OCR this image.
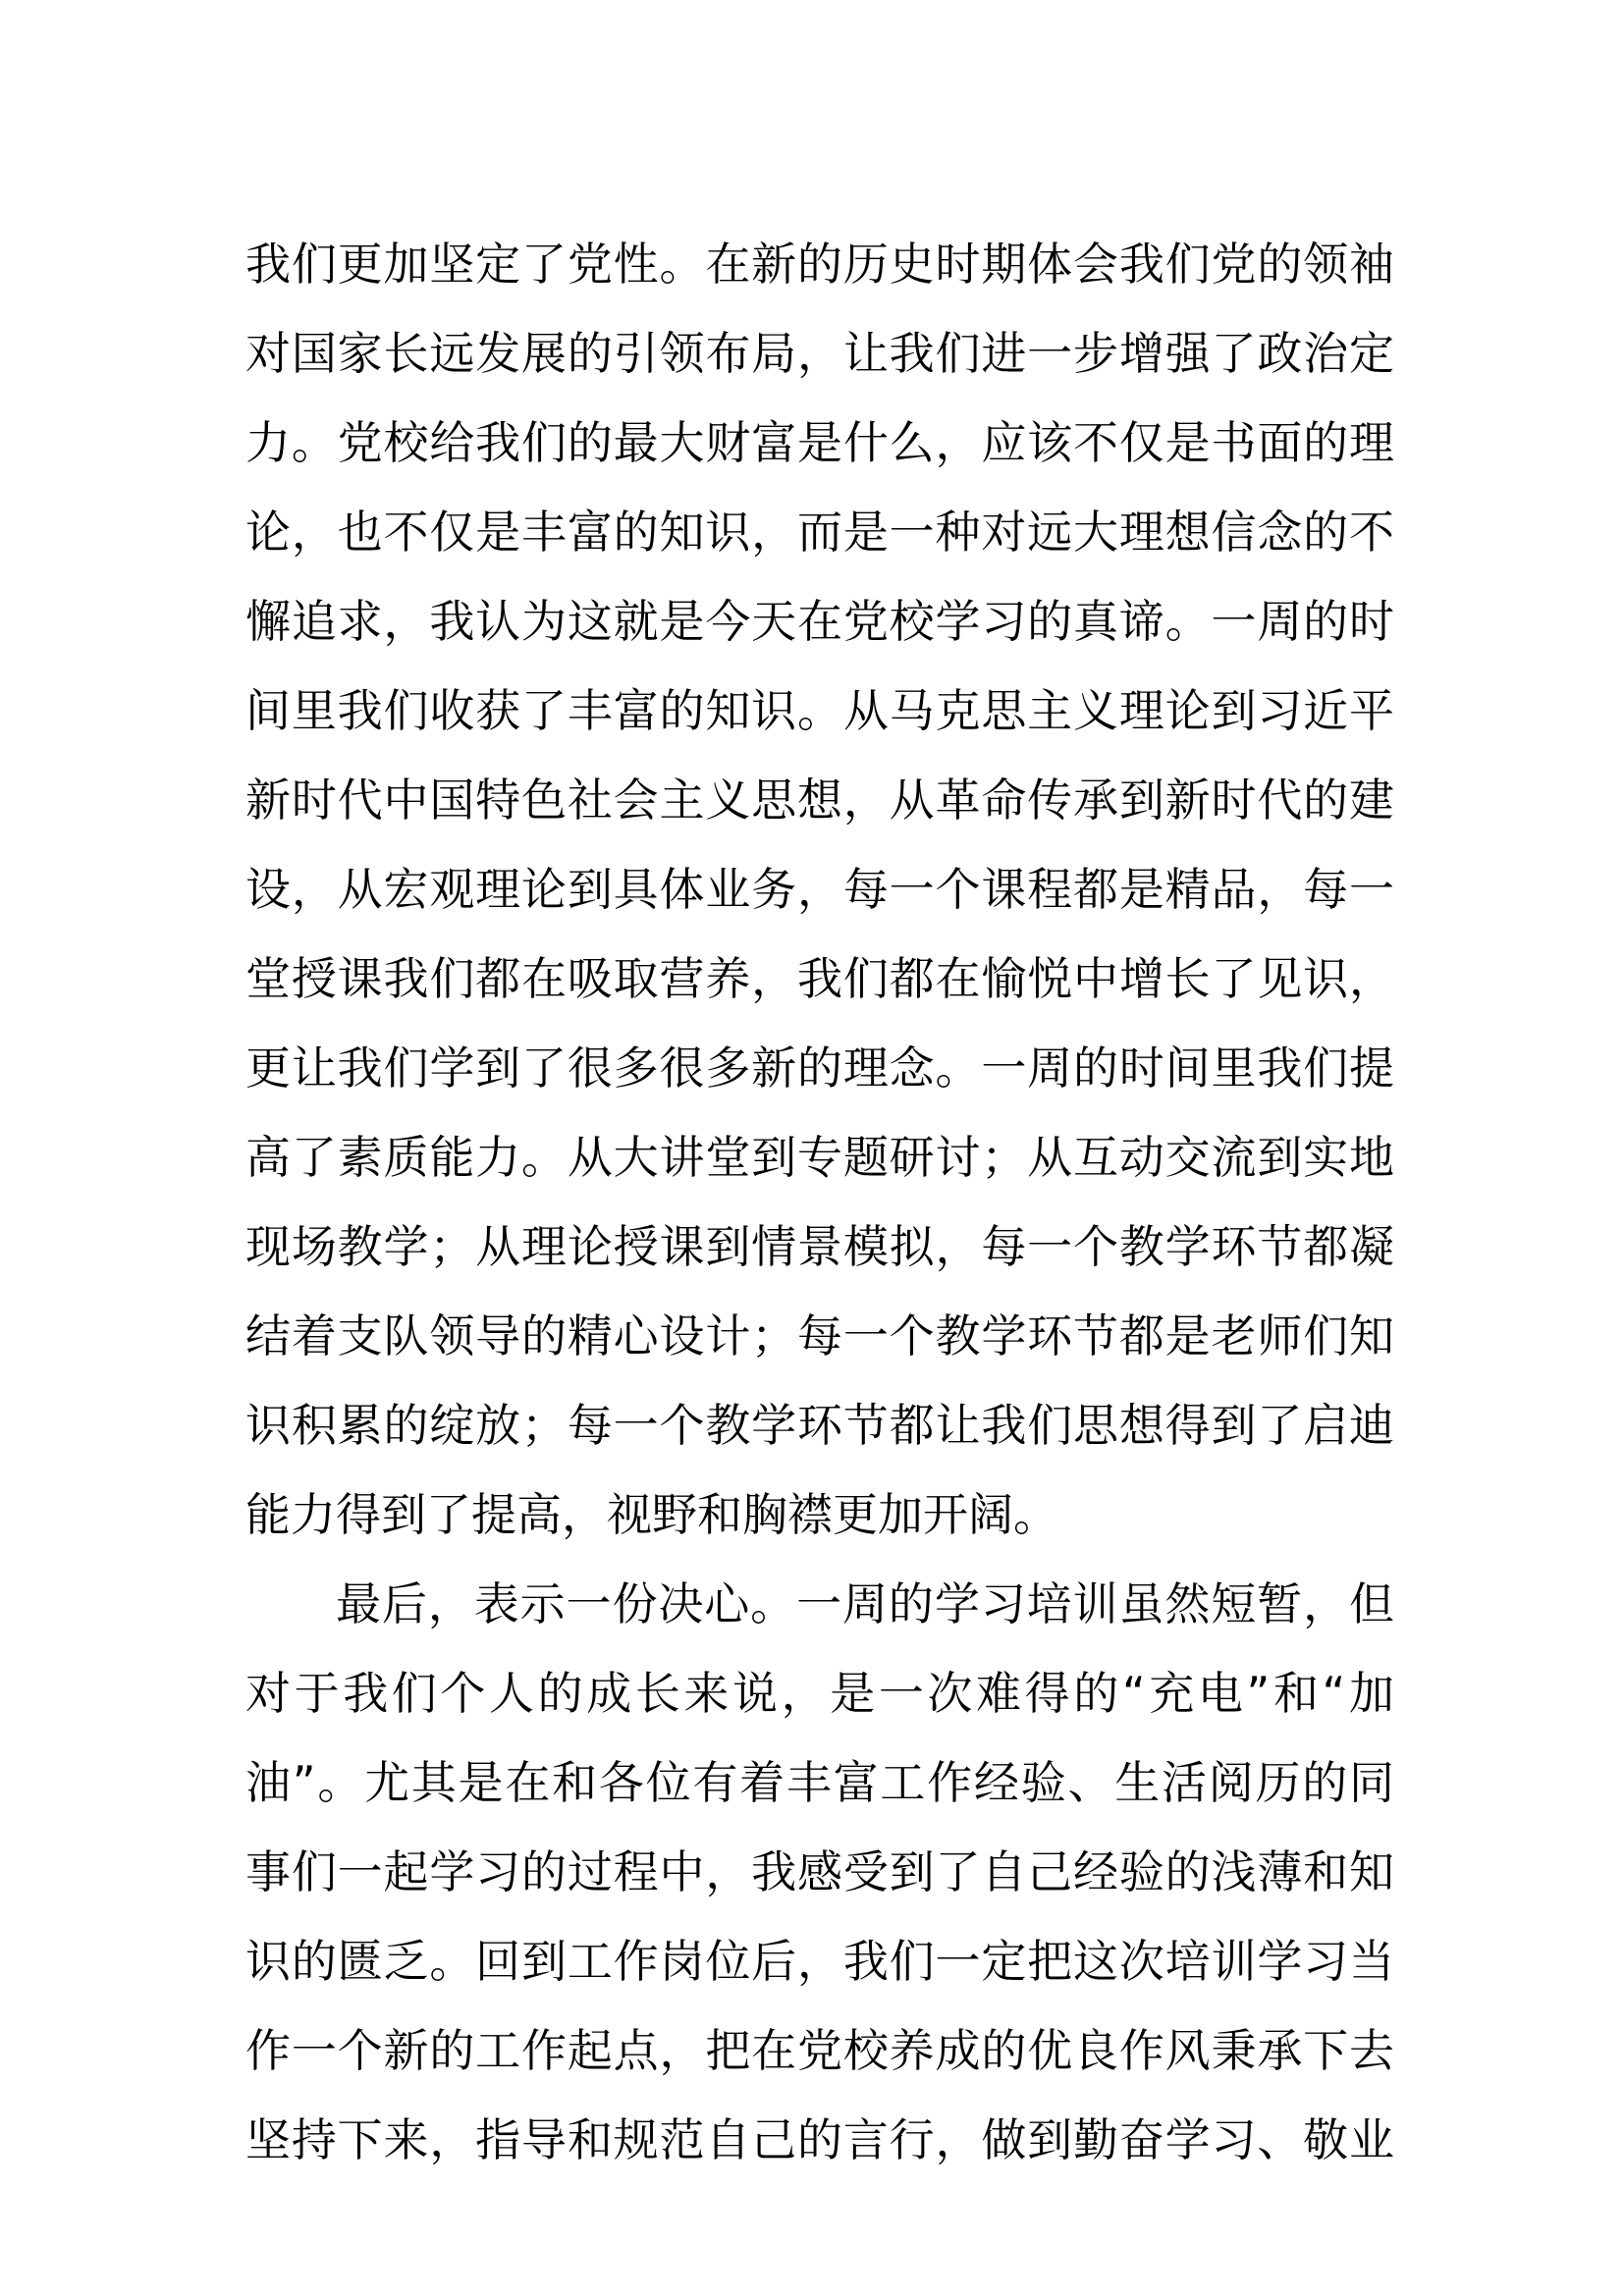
我们更加坚定了党性。在新的历史时期体会我们党的领袖
对国家长远发展的引领布局，让我们进一步增强了政治定
力。党校给我们的最大财富是什么，应该不仅是书面的理
论，也不仅是丰富的知识，而是一种对远大理想信念的不
懈追求，我认为这就是今天在党校学习的真谛。一周的时
间里我们收获了丰富的知识。从马克思主义理论到习近平
新时代中国特色社会主义思想，从革命传承到新时代的建
设，从宏观理论到具体业务，每一个课程都是精品，每一
堂授课我们都在吸取营养，我们都在愉悦中增长了见识，
更让我们学到了很多很多新的理念。一周的时间里我们提
高了素质能力。从大讲堂到专题研讨；从互动交流到实地
现场教学；从理论授课到情景模拟，每一个教学环节都凝
结着支队领导的精心设计；每一个教学环节都是老师们知
识积累的绽放；每一个教学环节都让我们思想得到了启迪
能力得到了提高，视野和胸襟更加开阔。
最后，表示一份决心。一周的学习培训虽然短暂，但
对于我们个人的成长来说，是一次难得的“充电”和“加
油”。尤其是在和各位有着丰富工作经验、生活阅历的同
事们一起学习的过程中，我感受到了自己经验的浅薄和知
识的匮乏。回到工作岗位后，我们一定把这次培训学习当
作一个新的工作起点，把在党校养成的优良作风秉承下去
坚持下来，指导和规范自己的言行，做到勤奋学习、敬业
